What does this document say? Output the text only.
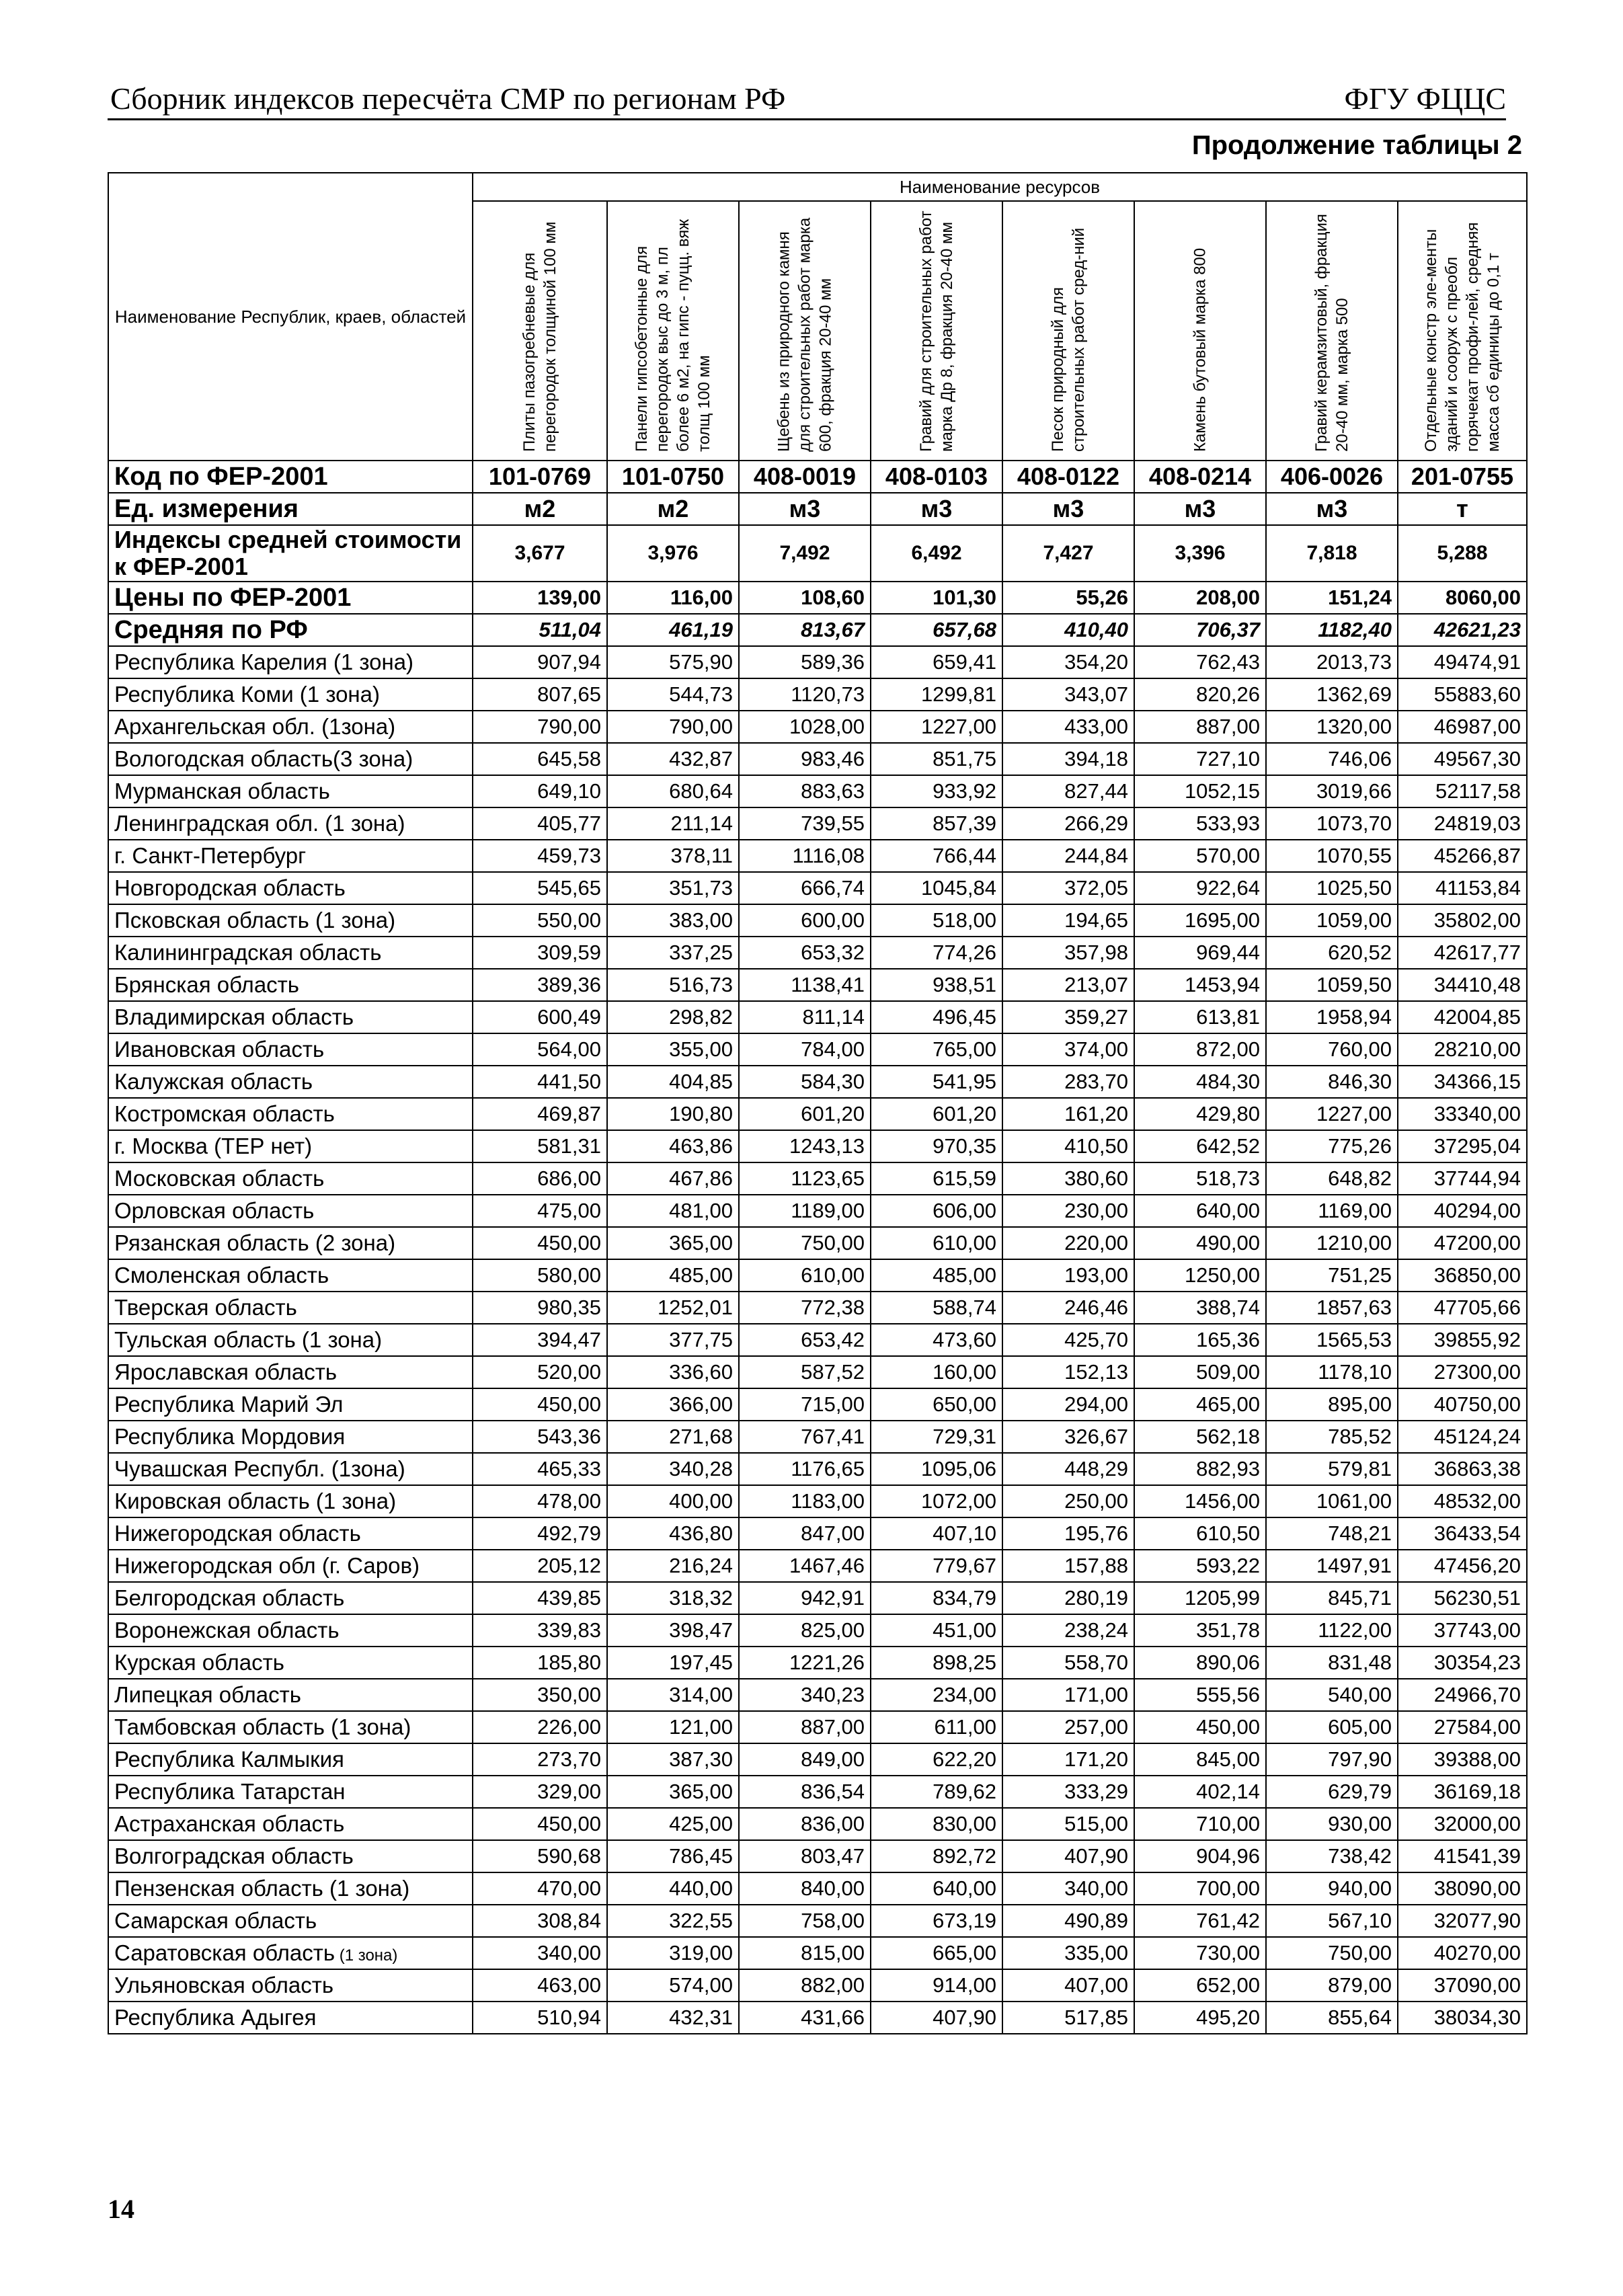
Сборник индексов пересчёта СМР по регионам РФ	ФГУ ФЦЦС
Продолжение таблицы 2
Наименование Республик, краев, областей	Наименование ресурсов							

	Плиты пазогребневые для перегородок толщиной 100 мм	Панели гипсобетонные для перегородок выс до 3 м, пл более 6 м2, на гипс - пуцц. вяж толщ 100 мм	Щебень из природного камня для строительных работ марка 600, фракция 20-40 мм	Гравий для строительных работ марка Др 8, фракция 20-40 мм	Песок природный для строительных работ сред-ний	Камень бутовый марка 800	Гравий керамзитовый, фракция 20-40 мм, марка 500	Отдельные констр эле-менты зданий и сооруж с преобл горячекат профи-лей, средняя масса сб единицы до 0,1 т

Код по ФЕР-2001	101-0769	101-0750	408-0019	408-0103	408-0122	408-0214	406-0026	201-0755
Ед. измерения	м2	м2	м3	м3	м3	м3	м3	т
Индексы средней стоимости к ФЕР-2001	3,677	3,976	7,492	6,492	7,427	3,396	7,818	5,288
Цены по ФЕР-2001	139,00	116,00	108,60	101,30	55,26	208,00	151,24	8060,00
Средняя по РФ	511,04	461,19	813,67	657,68	410,40	706,37	1182,40	42621,23
Республика Карелия (1 зона)	907,94	575,90	589,36	659,41	354,20	762,43	2013,73	49474,91
Республика Коми (1 зона)	807,65	544,73	1120,73	1299,81	343,07	820,26	1362,69	55883,60
Архангельская обл. (1зона)	790,00	790,00	1028,00	1227,00	433,00	887,00	1320,00	46987,00
Вологодская область(3 зона)	645,58	432,87	983,46	851,75	394,18	727,10	746,06	49567,30
Мурманская область	649,10	680,64	883,63	933,92	827,44	1052,15	3019,66	52117,58
Ленинградская обл. (1 зона)	405,77	211,14	739,55	857,39	266,29	533,93	1073,70	24819,03
г. Санкт-Петербург	459,73	378,11	1116,08	766,44	244,84	570,00	1070,55	45266,87
Новгородская область	545,65	351,73	666,74	1045,84	372,05	922,64	1025,50	41153,84
Псковская область (1 зона)	550,00	383,00	600,00	518,00	194,65	1695,00	1059,00	35802,00
Калининградская область	309,59	337,25	653,32	774,26	357,98	969,44	620,52	42617,77
Брянская область	389,36	516,73	1138,41	938,51	213,07	1453,94	1059,50	34410,48
Владимирская область	600,49	298,82	811,14	496,45	359,27	613,81	1958,94	42004,85
Ивановская область	564,00	355,00	784,00	765,00	374,00	872,00	760,00	28210,00
Калужская область	441,50	404,85	584,30	541,95	283,70	484,30	846,30	34366,15
Костромская область	469,87	190,80	601,20	601,20	161,20	429,80	1227,00	33340,00
г. Москва (ТЕР нет)	581,31	463,86	1243,13	970,35	410,50	642,52	775,26	37295,04
Московская область	686,00	467,86	1123,65	615,59	380,60	518,73	648,82	37744,94
Орловская область	475,00	481,00	1189,00	606,00	230,00	640,00	1169,00	40294,00
Рязанская область (2 зона)	450,00	365,00	750,00	610,00	220,00	490,00	1210,00	47200,00
Смоленская область	580,00	485,00	610,00	485,00	193,00	1250,00	751,25	36850,00
Тверская область	980,35	1252,01	772,38	588,74	246,46	388,74	1857,63	47705,66
Тульская область (1 зона)	394,47	377,75	653,42	473,60	425,70	165,36	1565,53	39855,92
Ярославская область	520,00	336,60	587,52	160,00	152,13	509,00	1178,10	27300,00
Республика Марий Эл	450,00	366,00	715,00	650,00	294,00	465,00	895,00	40750,00
Республика Мордовия	543,36	271,68	767,41	729,31	326,67	562,18	785,52	45124,24
Чувашская Республ. (1зона)	465,33	340,28	1176,65	1095,06	448,29	882,93	579,81	36863,38
Кировская область (1 зона)	478,00	400,00	1183,00	1072,00	250,00	1456,00	1061,00	48532,00
Нижегородская область	492,79	436,80	847,00	407,10	195,76	610,50	748,21	36433,54
Нижегородская обл (г. Саров)	205,12	216,24	1467,46	779,67	157,88	593,22	1497,91	47456,20
Белгородская область	439,85	318,32	942,91	834,79	280,19	1205,99	845,71	56230,51
Воронежская область	339,83	398,47	825,00	451,00	238,24	351,78	1122,00	37743,00
Курская область	185,80	197,45	1221,26	898,25	558,70	890,06	831,48	30354,23
Липецкая область	350,00	314,00	340,23	234,00	171,00	555,56	540,00	24966,70
Тамбовская область (1 зона)	226,00	121,00	887,00	611,00	257,00	450,00	605,00	27584,00
Республика Калмыкия	273,70	387,30	849,00	622,20	171,20	845,00	797,90	39388,00
Республика Татарстан	329,00	365,00	836,54	789,62	333,29	402,14	629,79	36169,18
Астраханская область	450,00	425,00	836,00	830,00	515,00	710,00	930,00	32000,00
Волгоградская область	590,68	786,45	803,47	892,72	407,90	904,96	738,42	41541,39
Пензенская область (1 зона)	470,00	440,00	840,00	640,00	340,00	700,00	940,00	38090,00
Самарская область	308,84	322,55	758,00	673,19	490,89	761,42	567,10	32077,90
Саратовская область (1 зона)	340,00	319,00	815,00	665,00	335,00	730,00	750,00	40270,00
Ульяновская область	463,00	574,00	882,00	914,00	407,00	652,00	879,00	37090,00
Республика Адыгея	510,94	432,31	431,66	407,90	517,85	495,20	855,64	38034,30
14
